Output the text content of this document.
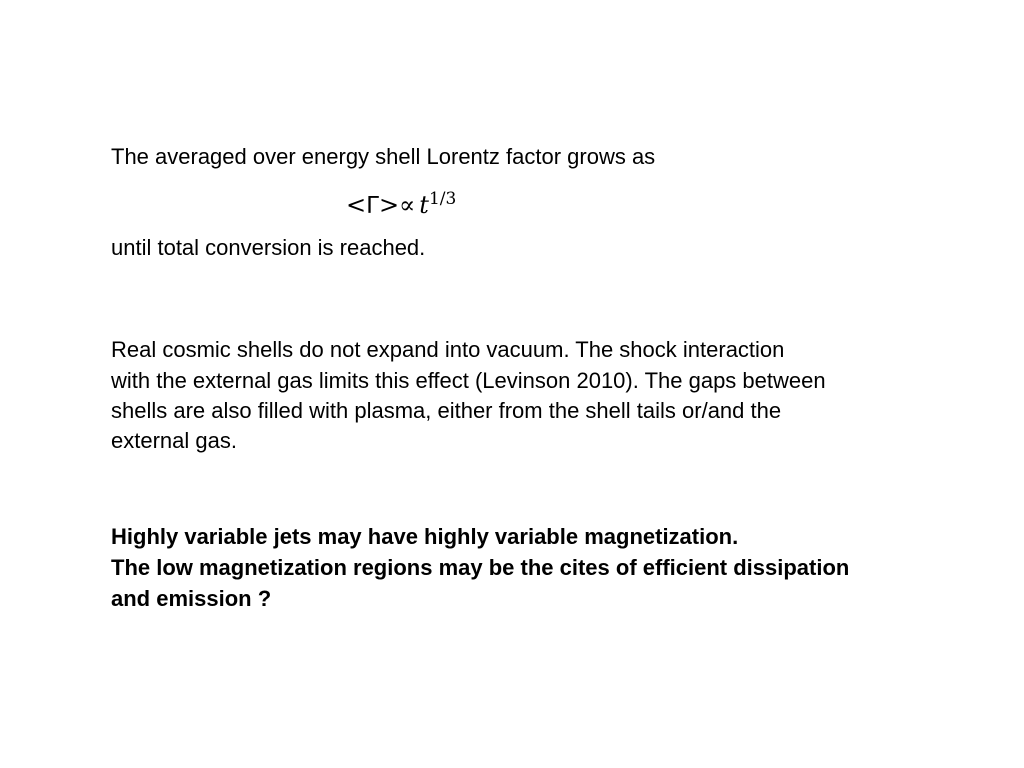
The averaged over energy shell Lorentz factor grows as
$<\Gamma>\propto t^{1/3}$
until total conversion is reached.
Real cosmic shells do not expand into vacuum. The shock interaction
with the external gas limits this effect (Levinson 2010). The gaps between
shells are also filled with plasma, either from the shell tails or/and the
external gas.
Highly variable jets may have highly variable magnetization.
The low magnetization regions may be the cites of efficient dissipation
and emission ?
